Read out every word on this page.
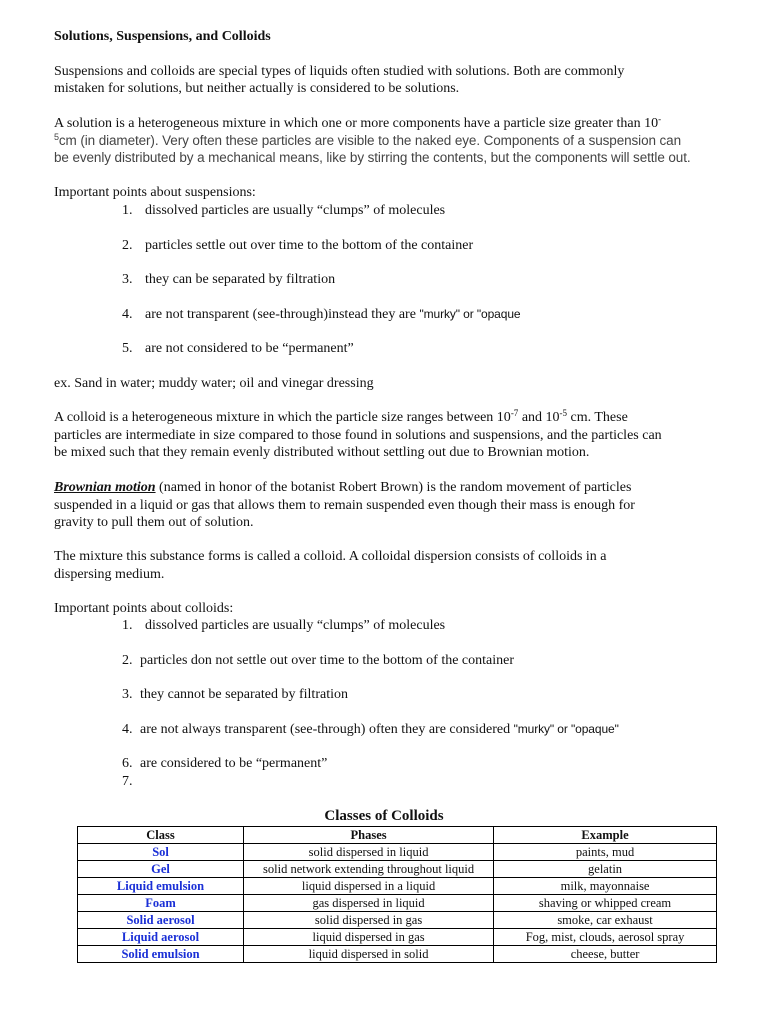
Solutions, Suspensions, and Colloids
Suspensions and colloids are special types of liquids often studied with solutions. Both are commonly
mistaken for solutions, but neither actually is considered to be solutions.
A solution is a heterogeneous mixture in which one or more components have a particle size greater than 10-
$^5$cm (in diameter). Very often these particles are visible to the naked eye. Components of a suspension can
be evenly distributed by a mechanical means, like by stirring the contents, but the components will settle out.
Important points about suspensions:
1. dissolved particles are usually “clumps” of molecules
2. particles settle out over time to the bottom of the container
3. they can be separated by filtration
4. are not transparent (see-through)instead they are "murky" or "opaque
5. are not considered to be “permanent”
ex. Sand in water; muddy water; oil and vinegar dressing
A colloid is a heterogeneous mixture in which the particle size ranges between $10^{-7}$ and $10^{-5}$ cm. These
particles are intermediate in size compared to those found in solutions and suspensions, and the particles can
be mixed such that they remain evenly distributed without settling out due to Brownian motion.
Brownian motion (named in honor of the botanist Robert Brown) is the random movement of particles
suspended in a liquid or gas that allows them to remain suspended even though their mass is enough for
gravity to pull them out of solution.
The mixture this substance forms is called a colloid. A colloidal dispersion consists of colloids in a
dispersing medium.
Important points about colloids:
1. dissolved particles are usually “clumps” of molecules
2. particles don not settle out over time to the bottom of the container
3. they cannot be separated by filtration
4. are not always transparent (see-through) often they are considered "murky" or "opaque"
6. are considered to be “permanent”
7.
Classes of Colloids
Class	Phases	Example
Sol	solid dispersed in liquid	paints, mud
Gel	solid network extending throughout liquid	gelatin
Liquid emulsion	liquid dispersed in a liquid	milk, mayonnaise
Foam	gas dispersed in liquid	shaving or whipped cream
Solid aerosol	solid dispersed in gas	smoke, car exhaust
Liquid aerosol	liquid dispersed in gas	Fog, mist, clouds, aerosol spray
Solid emulsion	liquid dispersed in solid	cheese, butter
